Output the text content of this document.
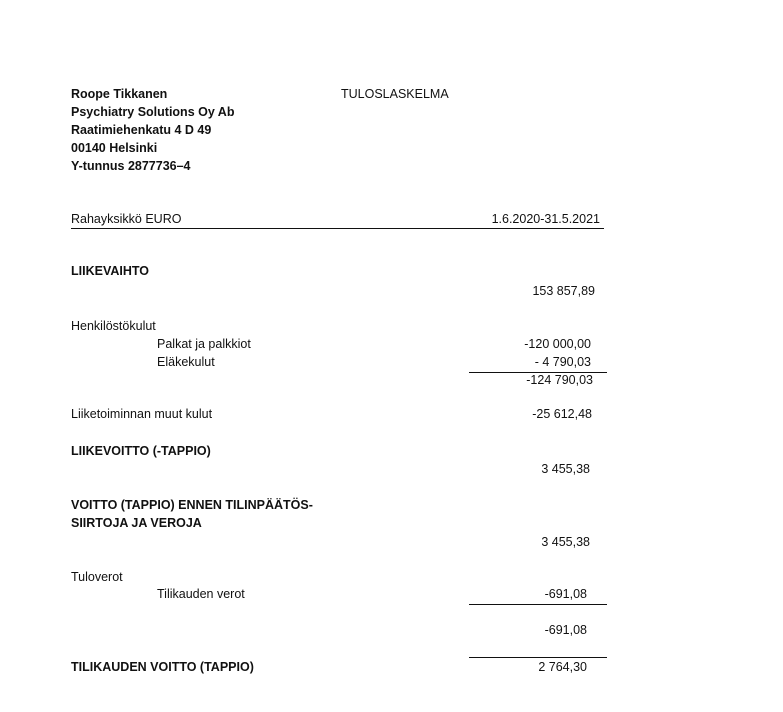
Roope Tikkanen
Psychiatry Solutions Oy Ab
Raatimiehenkatu 4 D 49
00140 Helsinki
Y-tunnus 2877736–4
TULOSLASKELMA
Rahayksikkö EURO	1.6.2020-31.5.2021
LIIKEVAIHTO
153 857,89
Henkilöstökulut
Palkat ja palkkiot	-120 000,00
Eläkekulut	- 4 790,03
-124 790,03
Liiketoiminnan muut kulut	-25 612,48
LIIKEVOITTO (-TAPPIO)
3 455,38
VOITTO (TAPPIO) ENNEN TILINPÄÄTÖS-
SIIRTOJA JA VEROJA
3 455,38
Tuloverot
Tilikauden verot	-691,08
-691,08
TILIKAUDEN VOITTO (TAPPIO)	2 764,30
